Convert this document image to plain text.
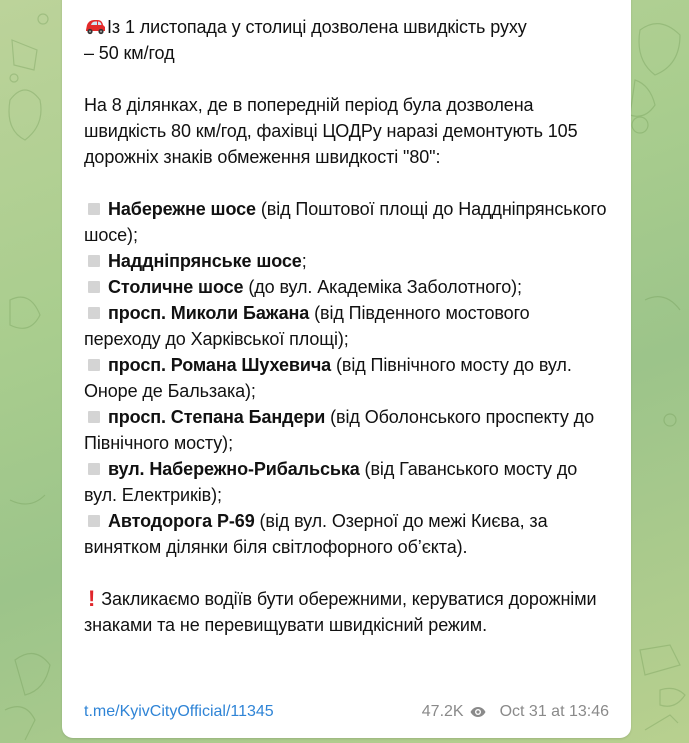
Із 1 листопада у столиці дозволена швидкість руху
– 50 км/год

На 8 ділянках, де в попередній період була дозволена швидкість 80 км/год, фахівці ЦОДРу наразі демонтують 105 дорожніх знаків обмеження швидкості "80":

Набережне шосе (від Поштової площі до Наддніпрянського шосе);
Наддніпрянське шосе;
Столичне шосе (до вул. Академіка Заболотного);
просп. Миколи Бажана (від Південного мостового переходу до Харківської площі);
просп. Романа Шухевича (від Північного мосту до вул. Оноре де Бальзака);
просп. Степана Бандери (від Оболонського проспекту до Північного мосту);
вул. Набережно-Рибальська (від Гаванського мосту до вул. Електриків);
Автодорога Р-69 (від вул. Озерної до межі Києва, за винятком ділянки біля світлофорного об’єкта).

! Закликаємо водіїв бути обережними, керуватися дорожніми знаками та не перевищувати швидкісний режим.

t.me/KyivCityOfficial/11345	47.2K Oct 31 at 13:46
